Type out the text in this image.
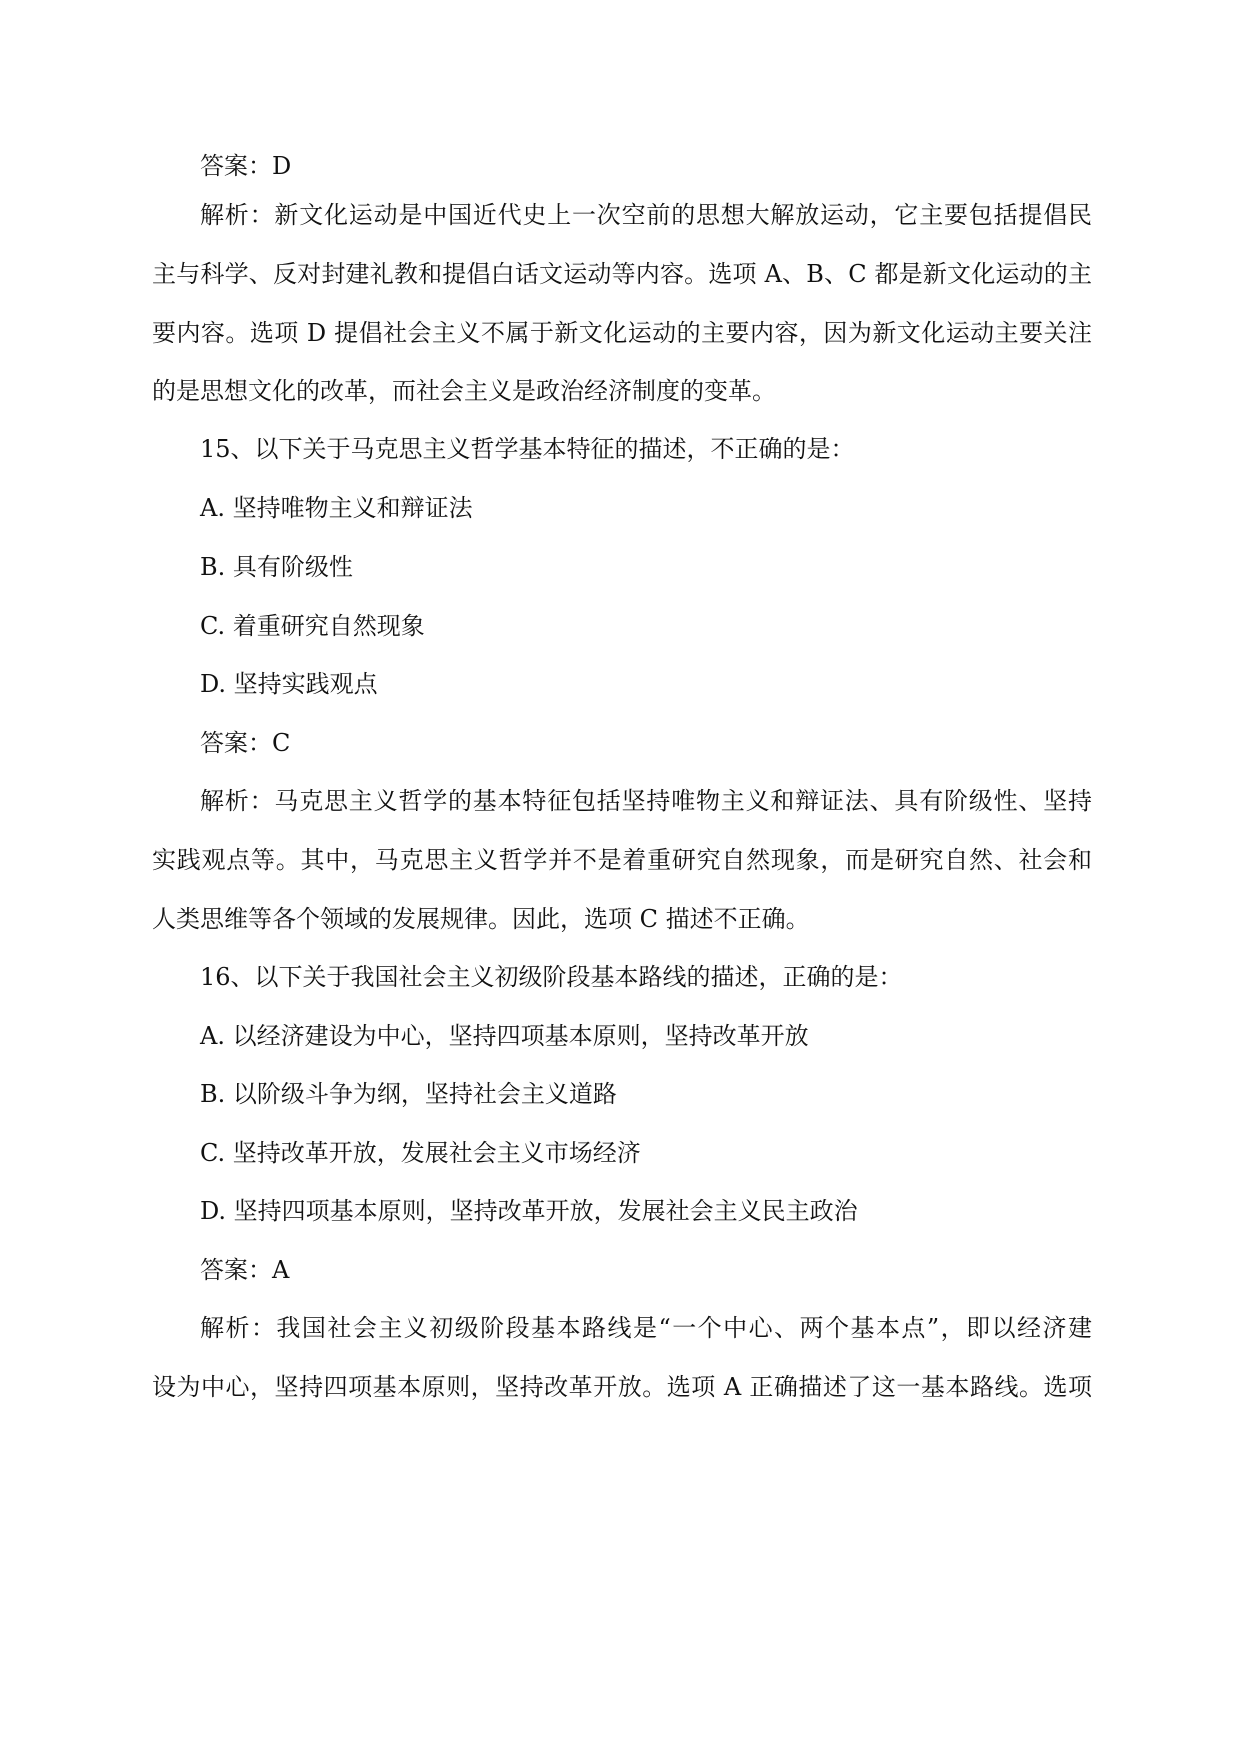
答案：D

解析：新文化运动是中国近代史上一次空前的思想大解放运动，它主要包括提倡民

主与科学、反对封建礼教和提倡白话文运动等内容。选项 A、B、C 都是新文化运动的主

要内容。选项 D 提倡社会主义不属于新文化运动的主要内容，因为新文化运动主要关注

的是思想文化的改革，而社会主义是政治经济制度的变革。

15、以下关于马克思主义哲学基本特征的描述，不正确的是：

A. 坚持唯物主义和辩证法

B. 具有阶级性

C. 着重研究自然现象

D. 坚持实践观点

答案：C

解析：马克思主义哲学的基本特征包括坚持唯物主义和辩证法、具有阶级性、坚持

实践观点等。其中，马克思主义哲学并不是着重研究自然现象，而是研究自然、社会和

人类思维等各个领域的发展规律。因此，选项 C 描述不正确。

16、以下关于我国社会主义初级阶段基本路线的描述，正确的是：

A. 以经济建设为中心，坚持四项基本原则，坚持改革开放

B. 以阶级斗争为纲，坚持社会主义道路

C. 坚持改革开放，发展社会主义市场经济

D. 坚持四项基本原则，坚持改革开放，发展社会主义民主政治

答案：A

解析：我国社会主义初级阶段基本路线是“一个中心、两个基本点”，即以经济建

设为中心，坚持四项基本原则，坚持改革开放。选项 A 正确描述了这一基本路线。选项
